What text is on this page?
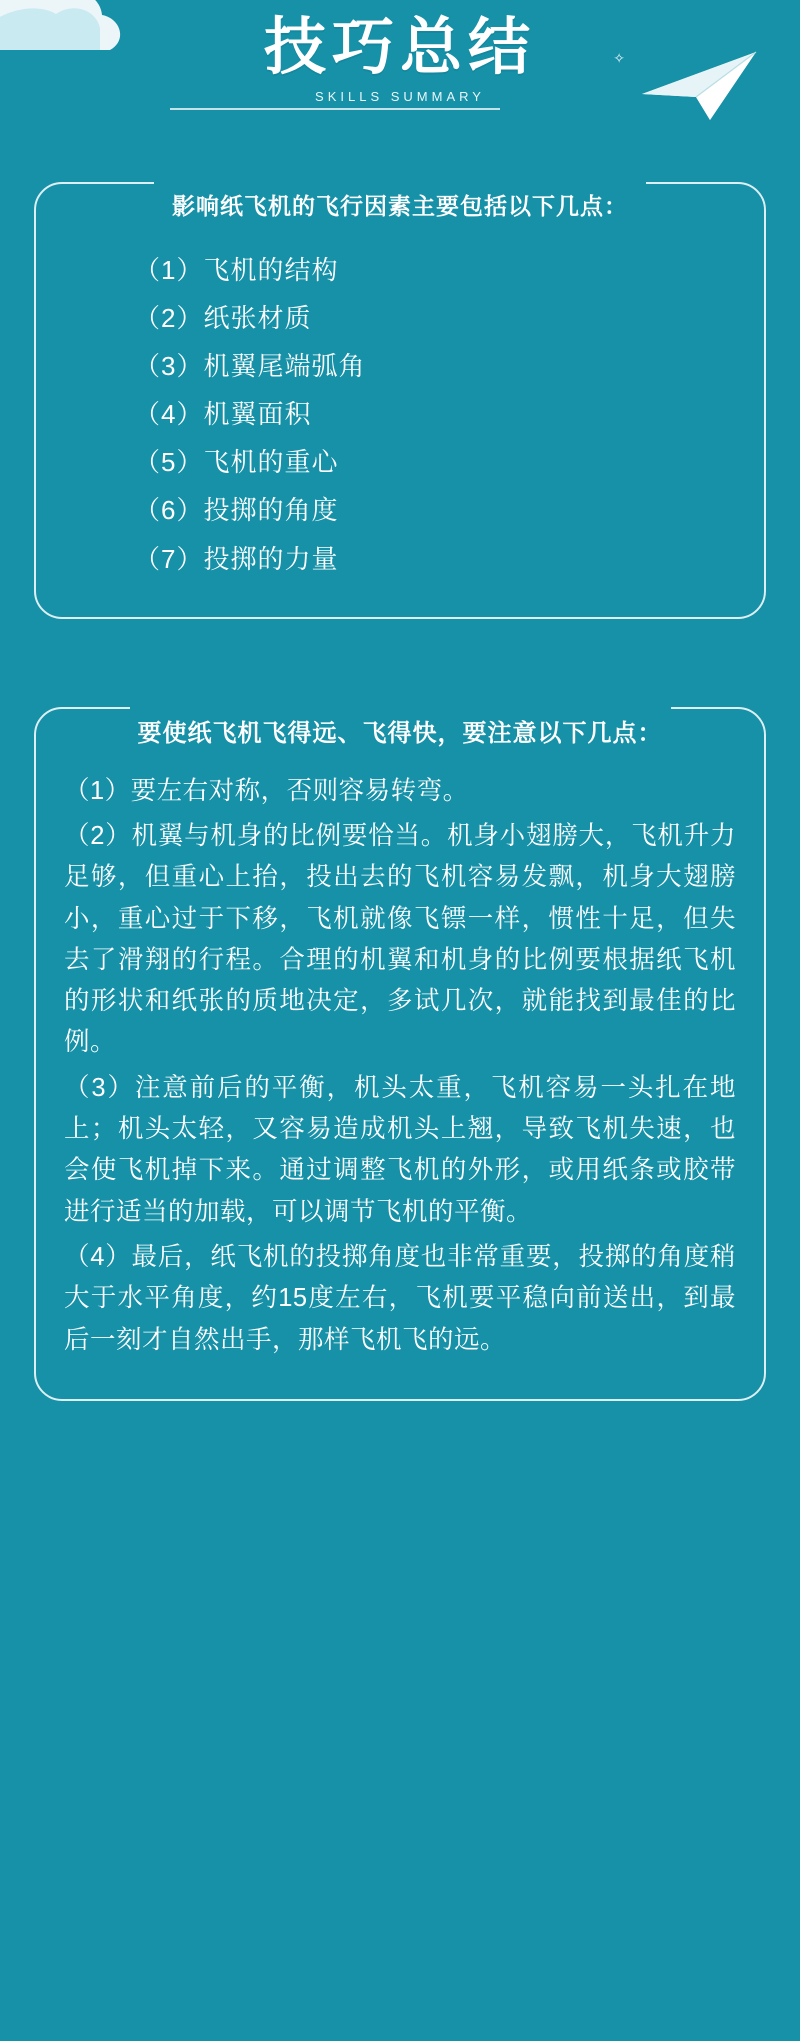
技巧总结
SKILLS SUMMARY
✧
影响纸飞机的飞行因素主要包括以下几点：
（1）飞机的结构
（2）纸张材质
（3）机翼尾端弧角
（4）机翼面积
（5）飞机的重心
（6）投掷的角度
（7）投掷的力量
要使纸飞机飞得远、飞得快，要注意以下几点：
（1）要左右对称，否则容易转弯。
（2）机翼与机身的比例要恰当。机身小翅膀大，飞机升力足够，但重心上抬，投出去的飞机容易发飘，机身大翅膀小，重心过于下移，飞机就像飞镖一样，惯性十足，但失去了滑翔的行程。合理的机翼和机身的比例要根据纸飞机的形状和纸张的质地决定，多试几次，就能找到最佳的比例。
（3）注意前后的平衡，机头太重，飞机容易一头扎在地上；机头太轻，又容易造成机头上翘，导致飞机失速，也会使飞机掉下来。通过调整飞机的外形，或用纸条或胶带进行适当的加载，可以调节飞机的平衡。
（4）最后，纸飞机的投掷角度也非常重要，投掷的角度稍大于水平角度，约15度左右，飞机要平稳向前送出，到最后一刻才自然出手，那样飞机飞的远。
